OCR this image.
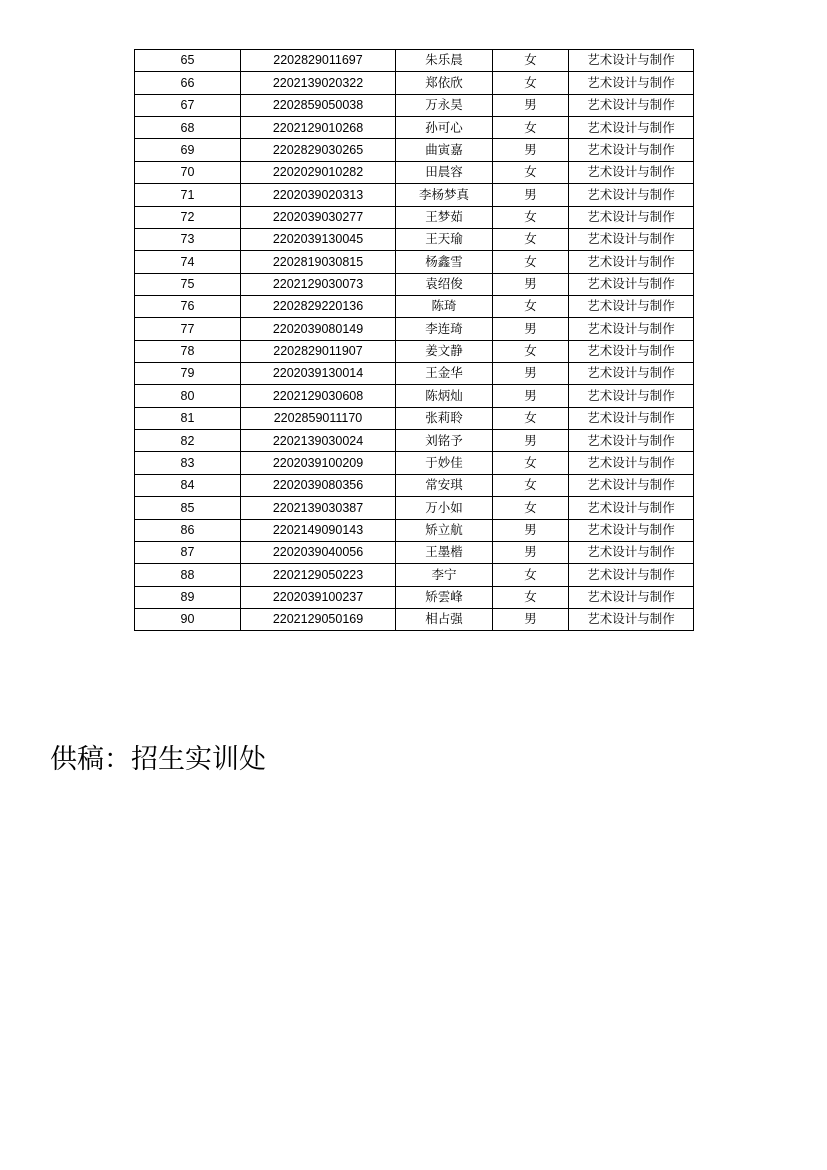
65	2202829011697	朱乐晨	女	艺术设计与制作
66	2202139020322	郑依欣	女	艺术设计与制作
67	2202859050038	万永昊	男	艺术设计与制作
68	2202129010268	孙可心	女	艺术设计与制作
69	2202829030265	曲寅嘉	男	艺术设计与制作
70	2202029010282	田晨容	女	艺术设计与制作
71	2202039020313	李杨梦真	男	艺术设计与制作
72	2202039030277	王梦茹	女	艺术设计与制作
73	2202039130045	王天瑜	女	艺术设计与制作
74	2202819030815	杨鑫雪	女	艺术设计与制作
75	2202129030073	袁绍俊	男	艺术设计与制作
76	2202829220136	陈琦	女	艺术设计与制作
77	2202039080149	李连琦	男	艺术设计与制作
78	2202829011907	姜文静	女	艺术设计与制作
79	2202039130014	王金华	男	艺术设计与制作
80	2202129030608	陈炳灿	男	艺术设计与制作
81	2202859011170	张莉聆	女	艺术设计与制作
82	2202139030024	刘铭予	男	艺术设计与制作
83	2202039100209	于妙佳	女	艺术设计与制作
84	2202039080356	常安琪	女	艺术设计与制作
85	2202139030387	万小如	女	艺术设计与制作
86	2202149090143	矫立航	男	艺术设计与制作
87	2202039040056	王墨楷	男	艺术设计与制作
88	2202129050223	李宁	女	艺术设计与制作
89	2202039100237	矫雲峰	女	艺术设计与制作
90	2202129050169	相占强	男	艺术设计与制作
供稿：招生实训处
